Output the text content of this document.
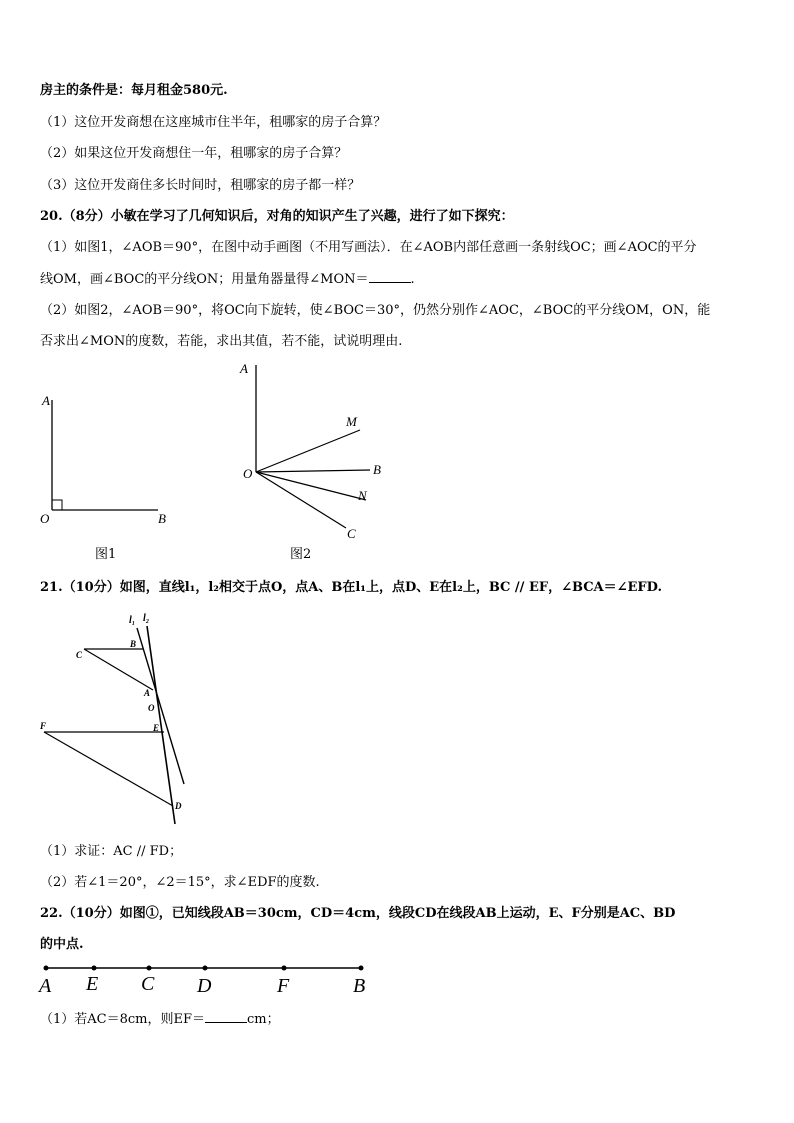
房主的条件是：每月租金580元.
（1）这位开发商想在这座城市住半年，租哪家的房子合算？
（2）如果这位开发商想住一年，租哪家的房子合算？
（3）这位开发商住多长时间时，租哪家的房子都一样？
20.（8分）小敏在学习了几何知识后，对角的知识产生了兴趣，进行了如下探究：
（1）如图1，∠AOB＝90°，在图中动手画图（不用写画法）．在∠AOB内部任意画一条射线OC；画∠AOC的平分
线OM，画∠BOC的平分线ON；用量角器量得∠MON＝	.
（2）如图2，∠AOB＝90°，将OC向下旋转，使∠BOC＝30°，仍然分别作∠AOC，∠BOC的平分线OM，ON，能
否求出∠MON的度数，若能，求出其值，若不能，试说明理由.
A
O	B
图1
A
M
O	B
N
C
图2
21.（10分）如图，直线l₁，l₂相交于点O，点A、B在l₁上，点D、E在l₂上，BC // EF，∠BCA＝∠EFD.
l₁ l₂
B
C
A
O
F	E
D
（1）求证：AC // FD；
（2）若∠1＝20°，∠2＝15°，求∠EDF的度数.
22.（10分）如图①，已知线段AB＝30cm，CD＝4cm，线段CD在线段AB上运动，E、F分别是AC、BD
的中点.
A E C D	F	B
（1）若AC＝8cm，则EF＝	cm；
